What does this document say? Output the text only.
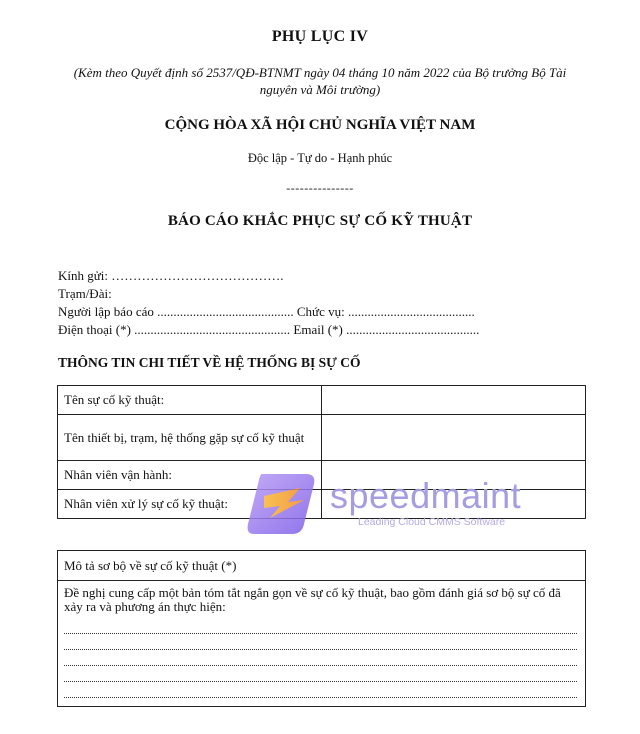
PHỤ LỤC IV
(Kèm theo Quyết định số 2537/QĐ-BTNMT ngày 04 tháng 10 năm 2022 của Bộ trưởng Bộ Tài nguyên và Môi trường)
CỘNG HÒA XÃ HỘI CHỦ NGHĨA VIỆT NAM
Độc lập - Tự do - Hạnh phúc
---------------
BÁO CÁO KHẮC PHỤC SỰ CỐ KỸ THUẬT
Kính gửi: ………………………………….
Trạm/Đài:
Người lập báo cáo .......................................... Chức vụ: .......................................
Điện thoại (*) ................................................ Email (*) .........................................
THÔNG TIN CHI TIẾT VỀ HỆ THỐNG BỊ SỰ CỐ
Tên sự cố kỹ thuật:	
Tên thiết bị, trạm, hệ thống gặp sự cố kỹ thuật	
Nhân viên vận hành:	
Nhân viên xử lý sự cố kỹ thuật:	
Mô tả sơ bộ về sự cố kỹ thuật (*)
Đề nghị cung cấp một bản tóm tắt ngắn gọn về sự cố kỹ thuật, bao gồm đánh giá sơ bộ sự cố đã xảy ra và phương án thực hiện:
speedmaint
Leading Cloud CMMS Software
